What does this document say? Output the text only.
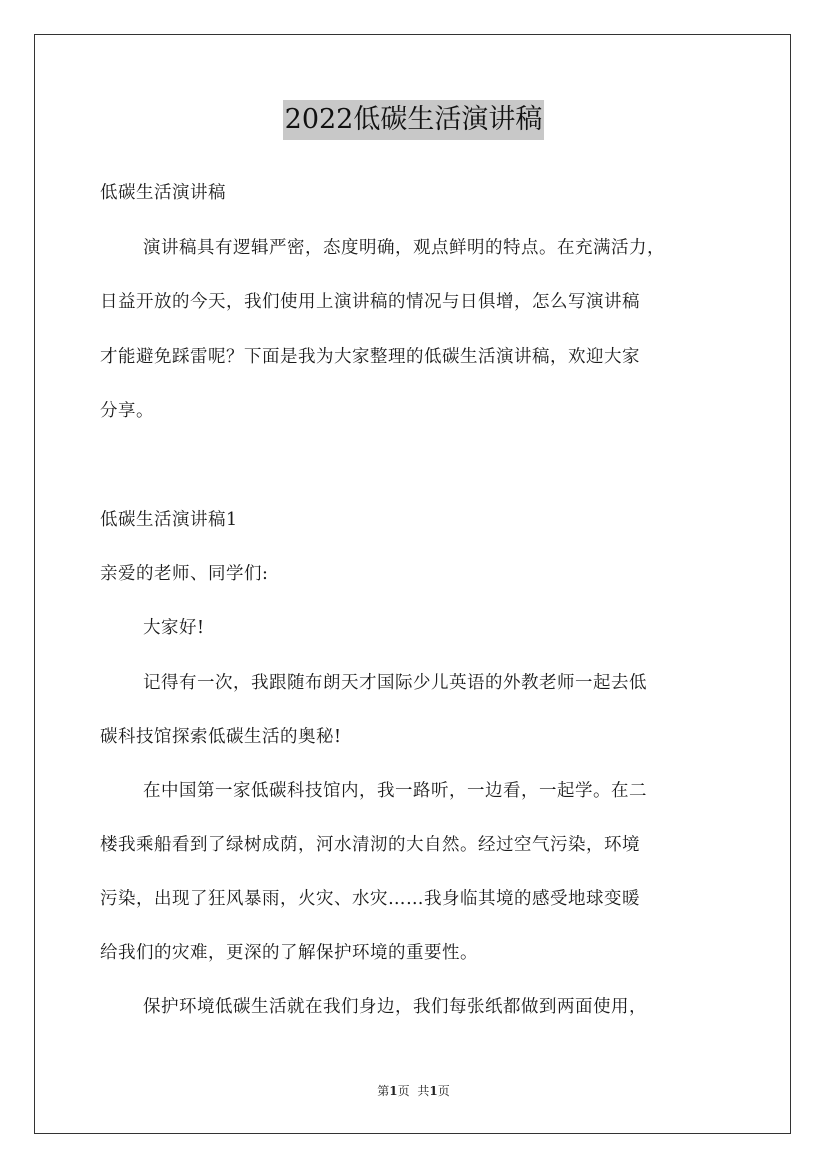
2022低碳生活演讲稿
低碳生活演讲稿
演讲稿具有逻辑严密，态度明确，观点鲜明的特点。在充满活力，
日益开放的今天，我们使用上演讲稿的情况与日俱增，怎么写演讲稿
才能避免踩雷呢？下面是我为大家整理的低碳生活演讲稿，欢迎大家
分享。
低碳生活演讲稿1
亲爱的老师、同学们:
大家好!
记得有一次，我跟随布朗天才国际少儿英语的外教老师一起去低
碳科技馆探索低碳生活的奥秘!
在中国第一家低碳科技馆内，我一路听，一边看，一起学。在二
楼我乘船看到了绿树成荫，河水清沏的大自然。经过空气污染，环境
污染，出现了狂风暴雨，火灾、水灾……我身临其境的感受地球变暖
给我们的灾难，更深的了解保护环境的重要性。
保护环境低碳生活就在我们身边，我们每张纸都做到两面使用，
第1页 共1页
